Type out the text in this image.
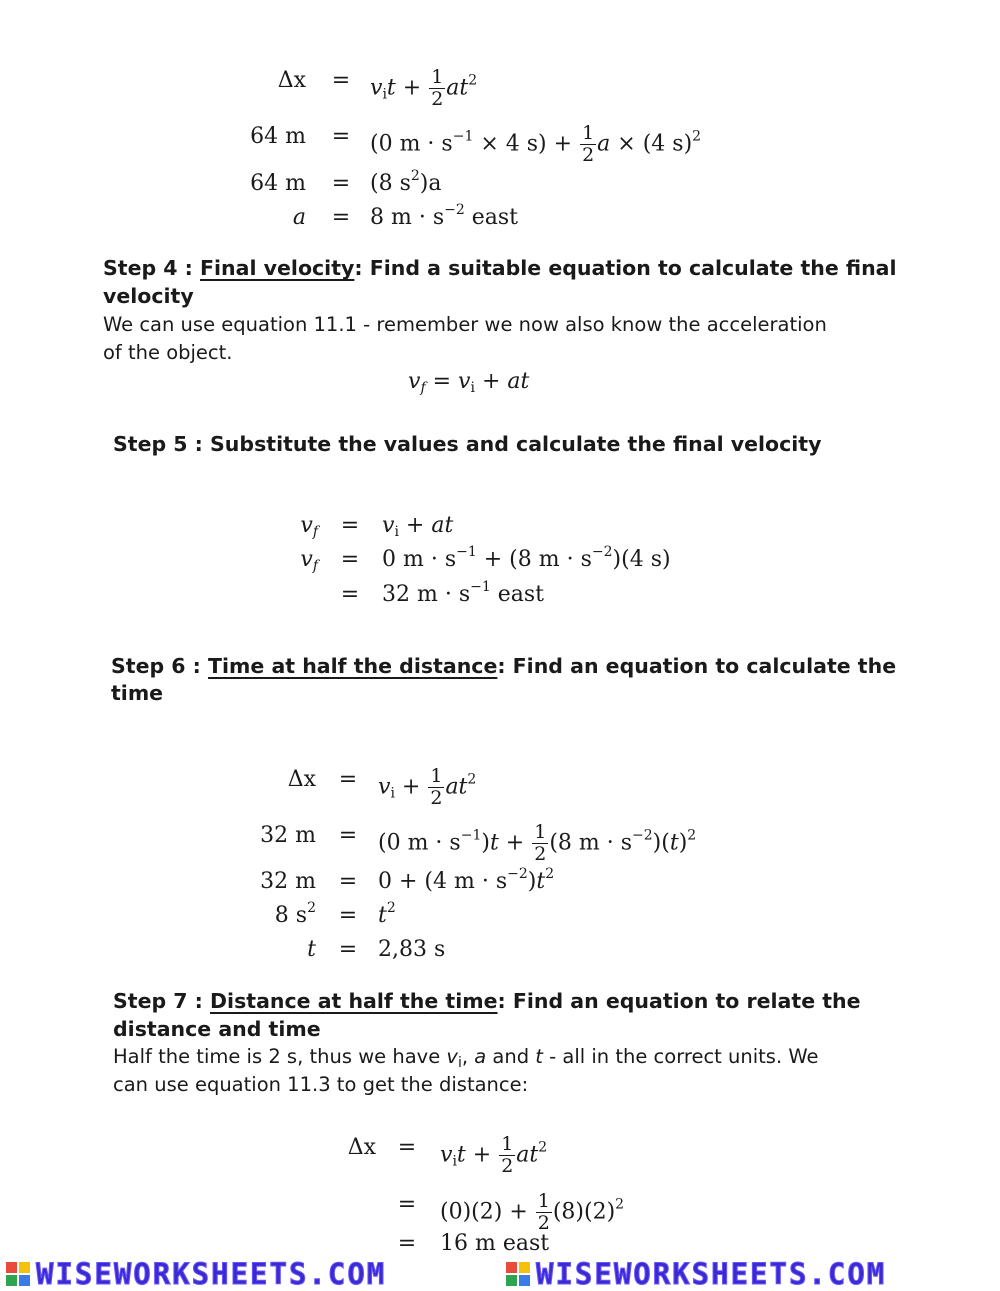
$\Delta x = v_it + \frac{1}{2} at^2$
64 m = (0 $m \cdot s^{-1} \times 4$ $s) + \frac{1}{2}$ a × (4 s)$^2$
64 m = (8 $s^2)a$
a = 8 $m \cdot s^{-2}$ east
Step 4 : Final velocity: Find a suitable equation to calculate the final
velocity
We can use equation 11.1 - remember we now also know the acceleration
of the object.
$v_f = v_i$ + at
Step 5 : Substitute the values and calculate the final velocity
$v_f = v_i$ + at
$v_f = 0$ $m \cdot s^{-1} + (8$ $m \cdot s^{-2})(4$ s)
= 32 $m \cdot s^{-1}$ east
Step 6 : Time at half the distance: Find an equation to calculate the
time
$\Delta x = v_i + \frac{1}{2} at^2$
32 m = (0 $m \cdot s^{-1})t + \frac{1}{2} (8$ $m \cdot s^{-2})(t)^2$
32 m = 0 + (4 $m \cdot s^{-2})t^2$
8 $s^2 = t^2$
t = 2,83 s
Step 7 : Distance at half the time: Find an equation to relate the
distance and time
Half the time is 2 s, thus we have $v_i$, a and t - all in the correct units. We
can use equation 11.3 to get the distance:
$\Delta x = v_it + \frac{1}{2} at^2$
= $(0)(2) + \frac{1}{2} (8)(2)^2$
= 16 m east
WISEWORKSHEETS.COM	WISEWORKSHEETS.COM
